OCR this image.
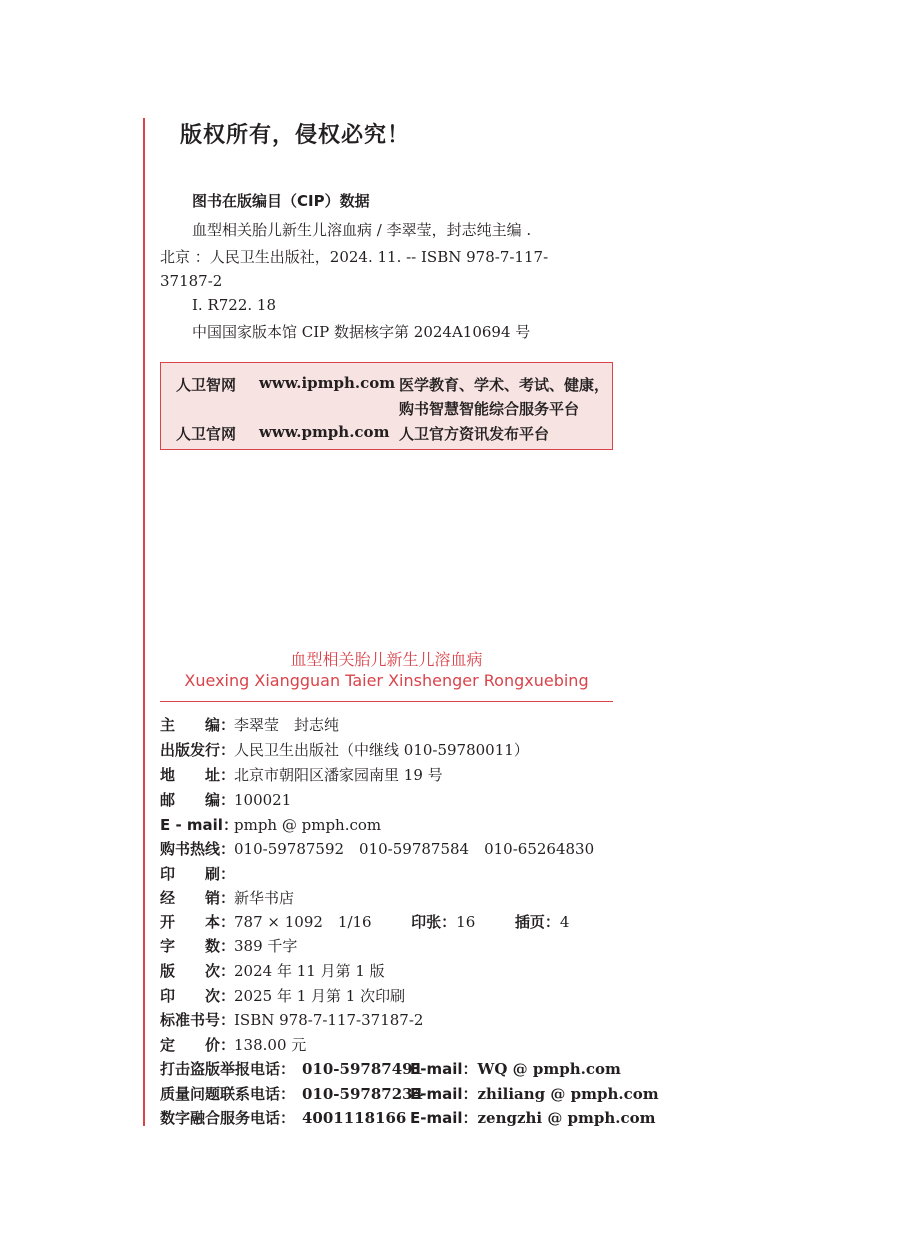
版权所有，侵权必究！
图书在版编目（CIP）数据
血型相关胎儿新生儿溶血病 / 李翠莹，封志纯主编 .
北京 ：人民卫生出版社，2024. 11. -- ISBN 978-7-117-
37187-2
Ⅰ. R722. 18
中国国家版本馆 CIP 数据核字第 2024A10694 号
人卫智网 www.ipmph.com 医学教育、学术、考试、健康，
购书智慧智能综合服务平台
人卫官网 www.pmph.com 人卫官方资讯发布平台
血型相关胎儿新生儿溶血病
Xuexing Xiangguan Taier Xinshenger Rongxuebing
主　　编：李翠莹　封志纯
出版发行：人民卫生出版社（中继线 010-59780011）
地　　址：北京市朝阳区潘家园南里 19 号
邮　　编：100021
E - mail：pmph @ pmph.com
购书热线：010-59787592　010-59787584　010-65264830
印　　刷：
经　　销：新华书店
开　　本：787 × 1092　1/16	印张：16	插页：4
字　　数：389 千字
版　　次：2024 年 11 月第 1 版
印　　次：2025 年 1 月第 1 次印刷
标准书号：ISBN 978-7-117-37187-2
定　　价：138.00 元
打击盗版举报电话： 010-59787491E-mail：WQ @ pmph.com
质量问题联系电话： 010-59787234E-mail：zhiliang @ pmph.com
数字融合服务电话： 4001118166 E-mail：zengzhi @ pmph.com
